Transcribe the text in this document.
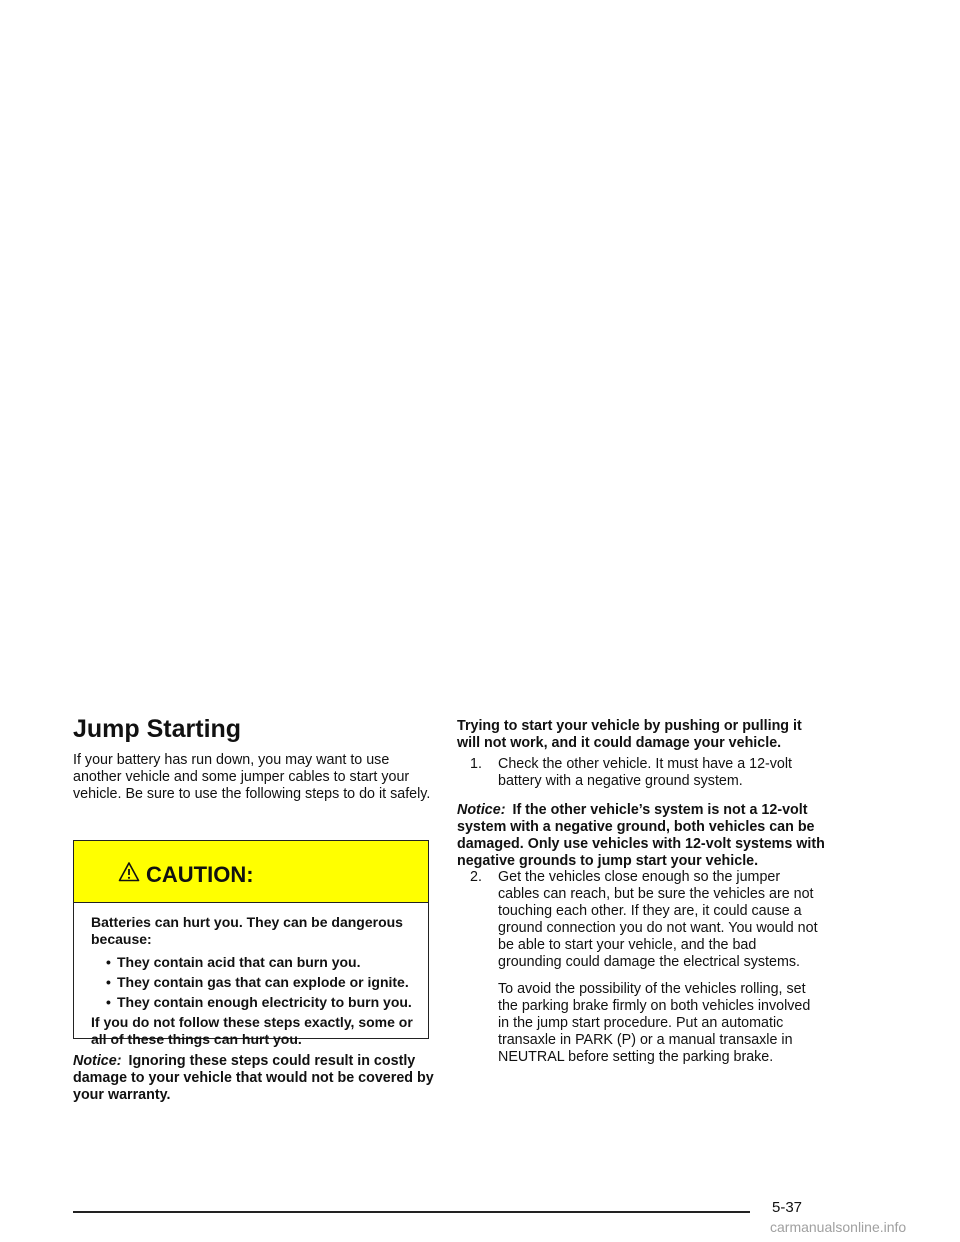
Jump Starting

If your battery has run down, you may want to use another vehicle and some jumper cables to start your vehicle. Be sure to use the following steps to do it safely.

CAUTION:

Batteries can hurt you. They can be dangerous because:

• They contain acid that can burn you.
• They contain gas that can explode or ignite.
• They contain enough electricity to burn you.

If you do not follow these steps exactly, some or all of these things can hurt you.

Notice: Ignoring these steps could result in costly damage to your vehicle that would not be covered by your warranty.

Trying to start your vehicle by pushing or pulling it will not work, and it could damage your vehicle.

1. Check the other vehicle. It must have a 12-volt battery with a negative ground system.

Notice: If the other vehicle’s system is not a 12-volt system with a negative ground, both vehicles can be damaged. Only use vehicles with 12-volt systems with negative grounds to jump start your vehicle.

2. Get the vehicles close enough so the jumper cables can reach, but be sure the vehicles are not touching each other. If they are, it could cause a ground connection you do not want. You would not be able to start your vehicle, and the bad grounding could damage the electrical systems.

To avoid the possibility of the vehicles rolling, set the parking brake firmly on both vehicles involved in the jump start procedure. Put an automatic transaxle in PARK (P) or a manual transaxle in NEUTRAL before setting the parking brake.

5-37
carmanualsonline.info
